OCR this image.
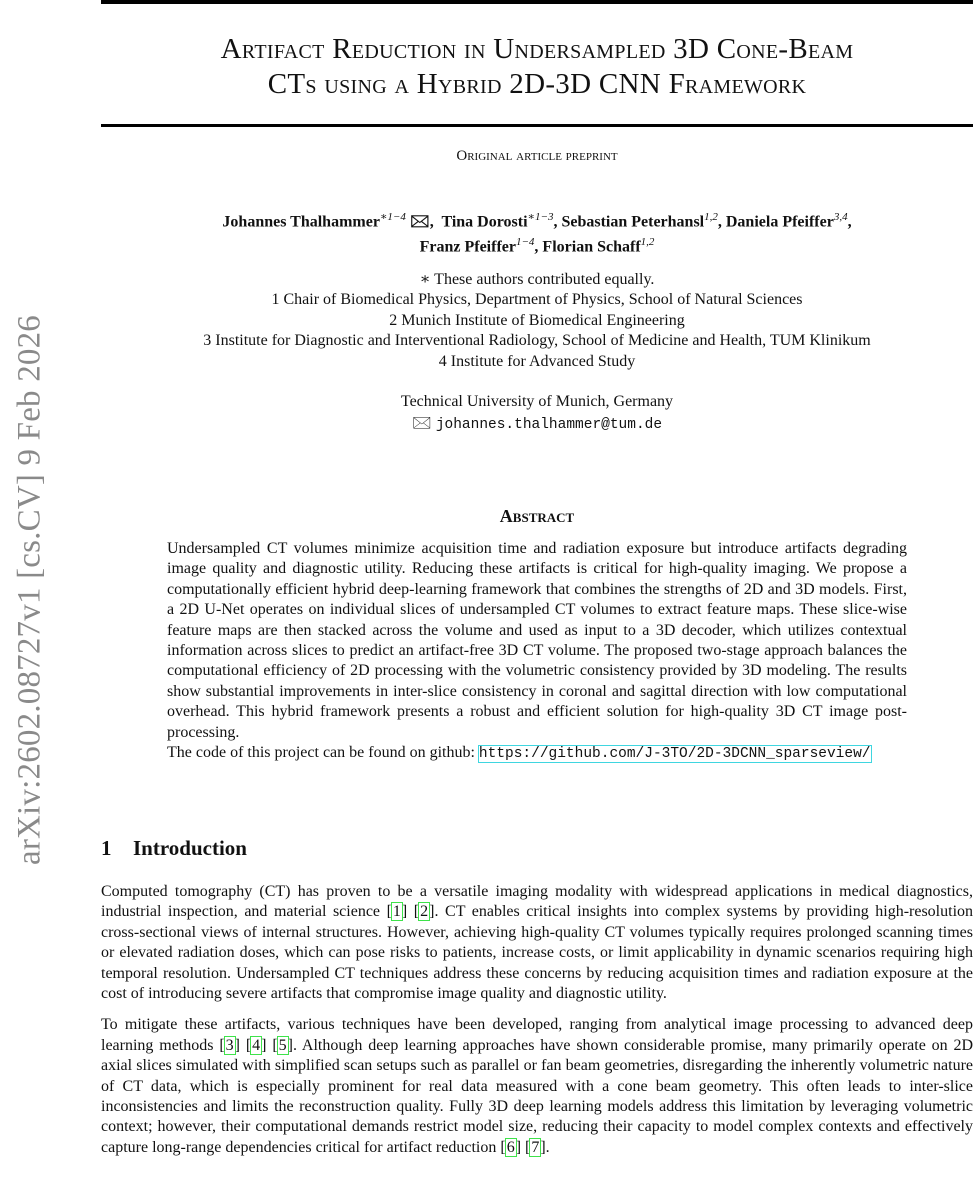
arXiv:2602.08727v1 [cs.CV] 9 Feb 2026
Artifact Reduction in Undersampled 3D Cone-Beam
CTs using a Hybrid 2D-3D CNN Framework
Original article preprint
Johannes Thalhammer$^{∗1-4}$ 🖂,  Tina Dorosti$^{∗1-3}$, Sebastian Peterhansl$^{1,2}$, Daniela Pfeiffer$^{3,4}$,
Franz Pfeiffer$^{1-4}$, Florian Schaff$^{1,2}$
∗ These authors contributed equally.
1 Chair of Biomedical Physics, Department of Physics, School of Natural Sciences
2 Munich Institute of Biomedical Engineering
3 Institute for Diagnostic and Interventional Radiology, School of Medicine and Health, TUM Klinikum
4 Institute for Advanced Study
Technical University of Munich, Germany
🖂 johannes.thalhammer@tum.de
Abstract

Undersampled CT volumes minimize acquisition time and radiation exposure but introduce artifacts degrading image quality and diagnostic utility. Reducing these artifacts is critical for high-quality imaging. We propose a computationally efficient hybrid deep-learning framework that combines the strengths of 2D and 3D models. First, a 2D U-Net operates on individual slices of undersampled CT volumes to extract feature maps. These slice-wise feature maps are then stacked across the volume and used as input to a 3D decoder, which utilizes contextual information across slices to predict an artifact-free 3D CT volume. The proposed two-stage approach balances the computational efficiency of 2D processing with the volumetric consistency provided by 3D modeling. The results show substantial improvements in inter-slice consistency in coronal and sagittal direction with low computational overhead. This hybrid framework presents a robust and efficient solution for high-quality 3D CT image post-processing.

The code of this project can be found on github: https://github.com/J-3TO/2D-3DCNN_sparseview/

1 Introduction

Computed tomography (CT) has proven to be a versatile imaging modality with widespread applications in medical diagnostics, industrial inspection, and material science [1] [2]. CT enables critical insights into complex systems by providing high-resolution cross-sectional views of internal structures. However, achieving high-quality CT volumes typically requires prolonged scanning times or elevated radiation doses, which can pose risks to patients, increase costs, or limit applicability in dynamic scenarios requiring high temporal resolution. Undersampled CT techniques address these concerns by reducing acquisition times and radiation exposure at the cost of introducing severe artifacts that compromise image quality and diagnostic utility.

To mitigate these artifacts, various techniques have been developed, ranging from analytical image processing to advanced deep learning methods [3] [4] [5]. Although deep learning approaches have shown considerable promise, many primarily operate on 2D axial slices simulated with simplified scan setups such as parallel or fan beam geometries, disregarding the inherently volumetric nature of CT data, which is especially prominent for real data measured with a cone beam geometry. This often leads to inter-slice inconsistencies and limits the reconstruction quality. Fully 3D deep learning models address this limitation by leveraging volumetric context; however, their computational demands restrict model size, reducing their capacity to model complex contexts and effectively capture long-range dependencies critical for artifact reduction [6] [7].
